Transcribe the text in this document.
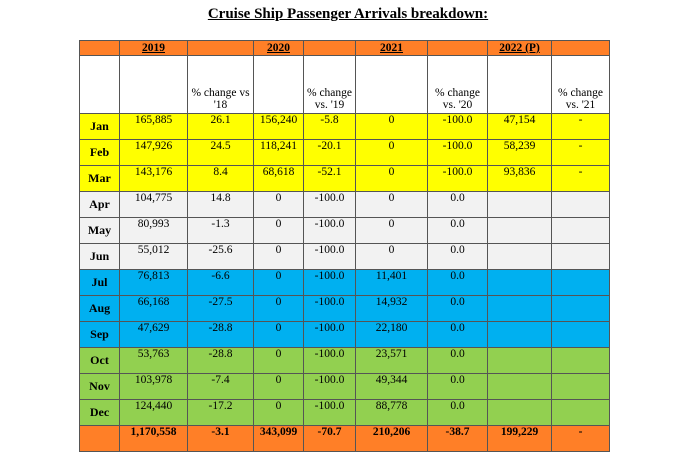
Cruise Ship Passenger Arrivals breakdown:
	2019		2020		2021		2022 (P)	
		% change vs '18		% change vs. '19		% change vs. '20		% change vs. '21
Jan	165,885	26.1	156,240	-5.8	0	-100.0	47,154	-
Feb	147,926	24.5	118,241	-20.1	0	-100.0	58,239	-
Mar	143,176	8.4	68,618	-52.1	0	-100.0	93,836	-
Apr	104,775	14.8	0	-100.0	0	0.0		
May	80,993	-1.3	0	-100.0	0	0.0		
Jun	55,012	-25.6	0	-100.0	0	0.0		
Jul	76,813	-6.6	0	-100.0	11,401	0.0		
Aug	66,168	-27.5	0	-100.0	14,932	0.0		
Sep	47,629	-28.8	0	-100.0	22,180	0.0		
Oct	53,763	-28.8	0	-100.0	23,571	0.0		
Nov	103,978	-7.4	0	-100.0	49,344	0.0		
Dec	124,440	-17.2	0	-100.0	88,778	0.0		
	1,170,558	-3.1	343,099	-70.7	210,206	-38.7	199,229	-
